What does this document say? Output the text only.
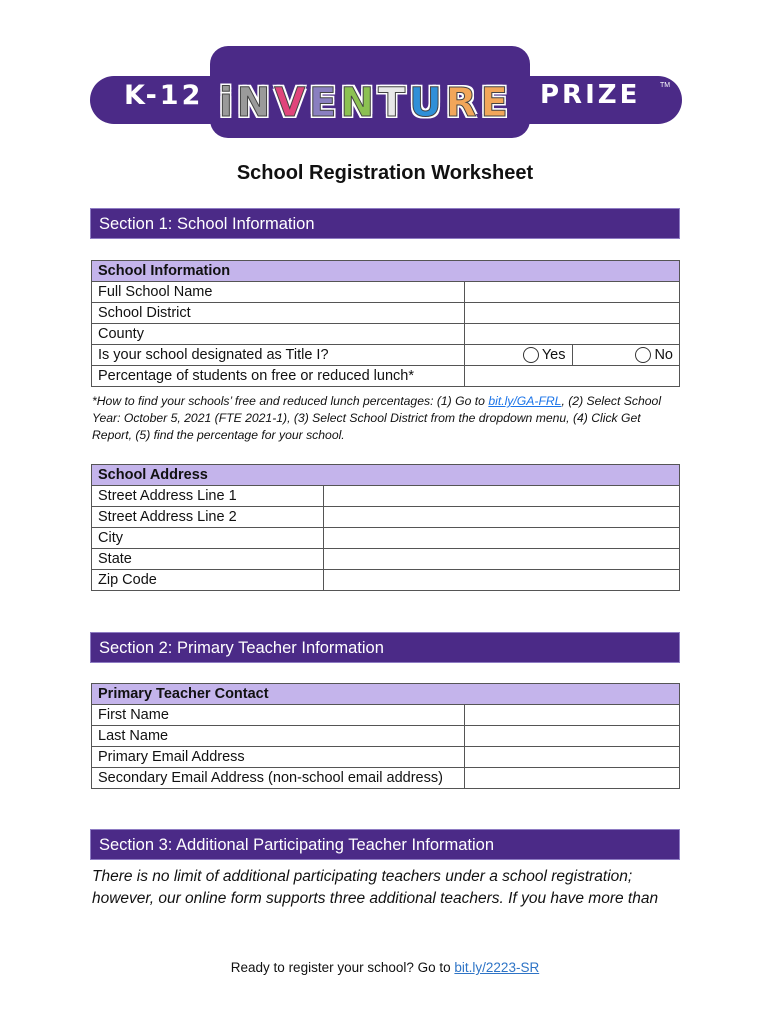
K-12 i N V E N T U R E PRIZE	TM
School Registration Worksheet
Section 1: School Information
School Information	
Full School Name	
School District	
County	
Is your school designated as Title I?	Yes No

Percentage of students on free or reduced lunch*	
*How to find your schools’ free and reduced lunch percentages: (1) Go to bit.ly/GA-FRL, (2) Select School Year: October 5, 2021 (FTE 2021-1), (3) Select School District from the dropdown menu, (4) Click Get Report, (5) find the percentage for your school.
School Address	
Street Address Line 1	
Street Address Line 2	
City	
State	
Zip Code	
Section 2: Primary Teacher Information
Primary Teacher Contact	
First Name	
Last Name	
Primary Email Address	
Secondary Email Address (non-school email address)	
Section 3: Additional Participating Teacher Information
There is no limit of additional participating teachers under a school registration; however, our online form supports three additional teachers. If you have more than
Ready to register your school? Go to bit.ly/2223-SR
